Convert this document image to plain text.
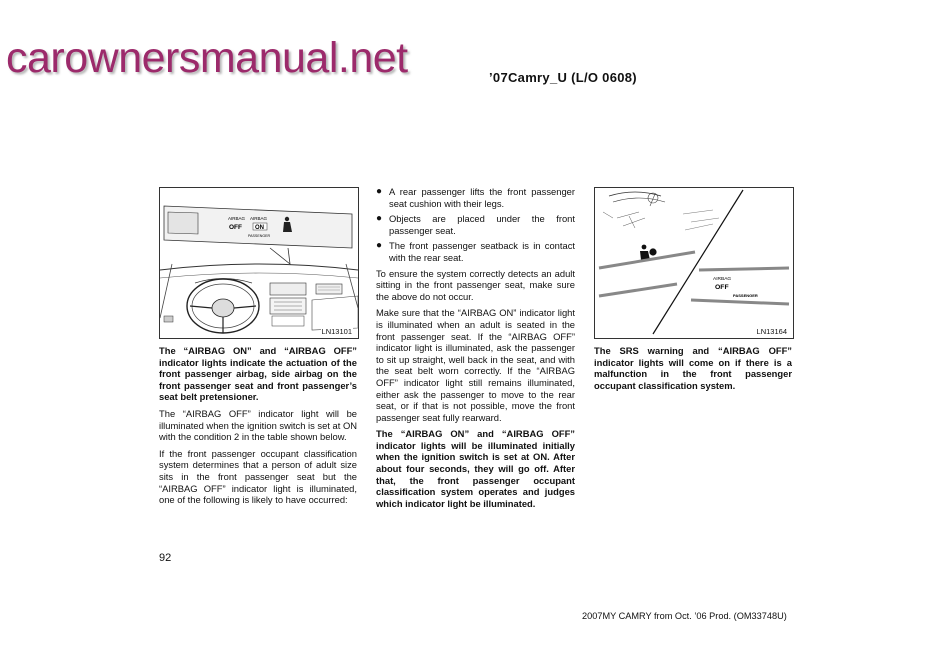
carownersmanual.net	’07Camry_U (L/O 0608)
AIRBAG
OFF
AIRBAG
ON
PASSENGER
LN13101
AIRBAG
OFF
PASSENGER
LN13164

The “AIRBAG ON” and “AIRBAG OFF” indicator lights indicate the actuation of the front passenger airbag, side airbag on the front passenger seat and front passenger’s seat belt pretensioner.

The “AIRBAG OFF” indicator light will be illuminated when the ignition switch is set at ON with the condition 2 in the table shown below.

If the front passenger occupant classification system determines that a person of adult size sits in the front passenger seat but the “AIRBAG OFF” indicator light is illuminated, one of the following is likely to have occurred:

● A rear passenger lifts the front passenger seat cushion with their legs.
● Objects are placed under the front passenger seat.
● The front passenger seatback is in contact with the rear seat.

To ensure the system correctly detects an adult sitting in the front passenger seat, make sure the above do not occur.

Make sure that the “AIRBAG ON” indicator light is illuminated when an adult is seated in the front passenger seat. If the “AIRBAG OFF” indicator light is illuminated, ask the passenger to sit up straight, well back in the seat, and with the seat belt worn correctly. If the “AIRBAG OFF” indicator light still remains illuminated, either ask the passenger to move to the rear seat, or if that is not possible, move the front passenger seat fully rearward.

The “AIRBAG ON” and “AIRBAG OFF” indicator lights will be illuminated initially when the ignition switch is set at ON. After about four seconds, they will go off. After that, the front passenger occupant classification system operates and judges which indicator light be illuminated.

The SRS warning and “AIRBAG OFF” indicator lights will come on if there is a malfunction in the front passenger occupant classification system.

92
2007MY CAMRY from Oct. ’06 Prod. (OM33748U)
